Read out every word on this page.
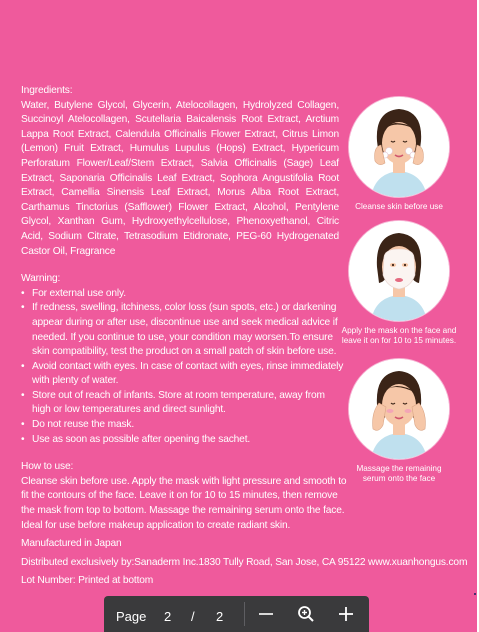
Ingredients:

Water, Butylene Glycol, Glycerin, Atelocollagen, Hydrolyzed Collagen, Succinoyl Atelocollagen, Scutellaria Baicalensis Root Extract, Arctium Lappa Root Extract, Calendula Officinalis Flower Extract, Citrus Limon (Lemon) Fruit Extract, Humulus Lupulus (Hops) Extract, Hypericum Perforatum Flower/Leaf/Stem Extract, Salvia Officinalis (Sage) Leaf Extract, Saponaria Officinalis Leaf Extract, Sophora Angustifolia Root Extract, Camellia Sinensis Leaf Extract, Morus Alba Root Extract, Carthamus Tinctorius (Safflower) Flower Extract, Alcohol, Pentylene Glycol, Xanthan Gum, Hydroxyethylcellulose, Phenoxyethanol, Citric Acid, Sodium Citrate, Tetrasodium Etidronate, PEG-60 Hydrogenated Castor Oil, Fragrance

Warning:

• For external use only.

• If redness, swelling, itchiness, color loss (sun spots, etc.) or darkening

appear during or after use, discontinue use and seek medical advice if

needed. If you continue to use, your condition may worsen.To ensure

skin compatibility, test the product on a small patch of skin before use.

• Avoid contact with eyes. In case of contact with eyes, rinse immediately

with plenty of water.

• Store out of reach of infants. Store at room temperature, away from

high or low temperatures and direct sunlight.

• Do not reuse the mask.

• Use as soon as possible after opening the sachet.

How to use:

Cleanse skin before use. Apply the mask with light pressure and smooth to

fit the contours of the face. Leave it on for 10 to 15 minutes, then remove

the mask from top to bottom. Massage the remaining serum onto the face.

Ideal for use before makeup application to create radiant skin.

Manufactured in Japan

Distributed exclusively by:Sanaderm Inc.1830 Tully Road, San Jose, CA 95122 www.xuanhongus.com

Lot Number: Printed at bottom

Cleanse skin before use
Apply the mask on the face and
leave it on for 10 to 15 minutes.
Massage the remaining
serum onto the face
Page 2 / 2
